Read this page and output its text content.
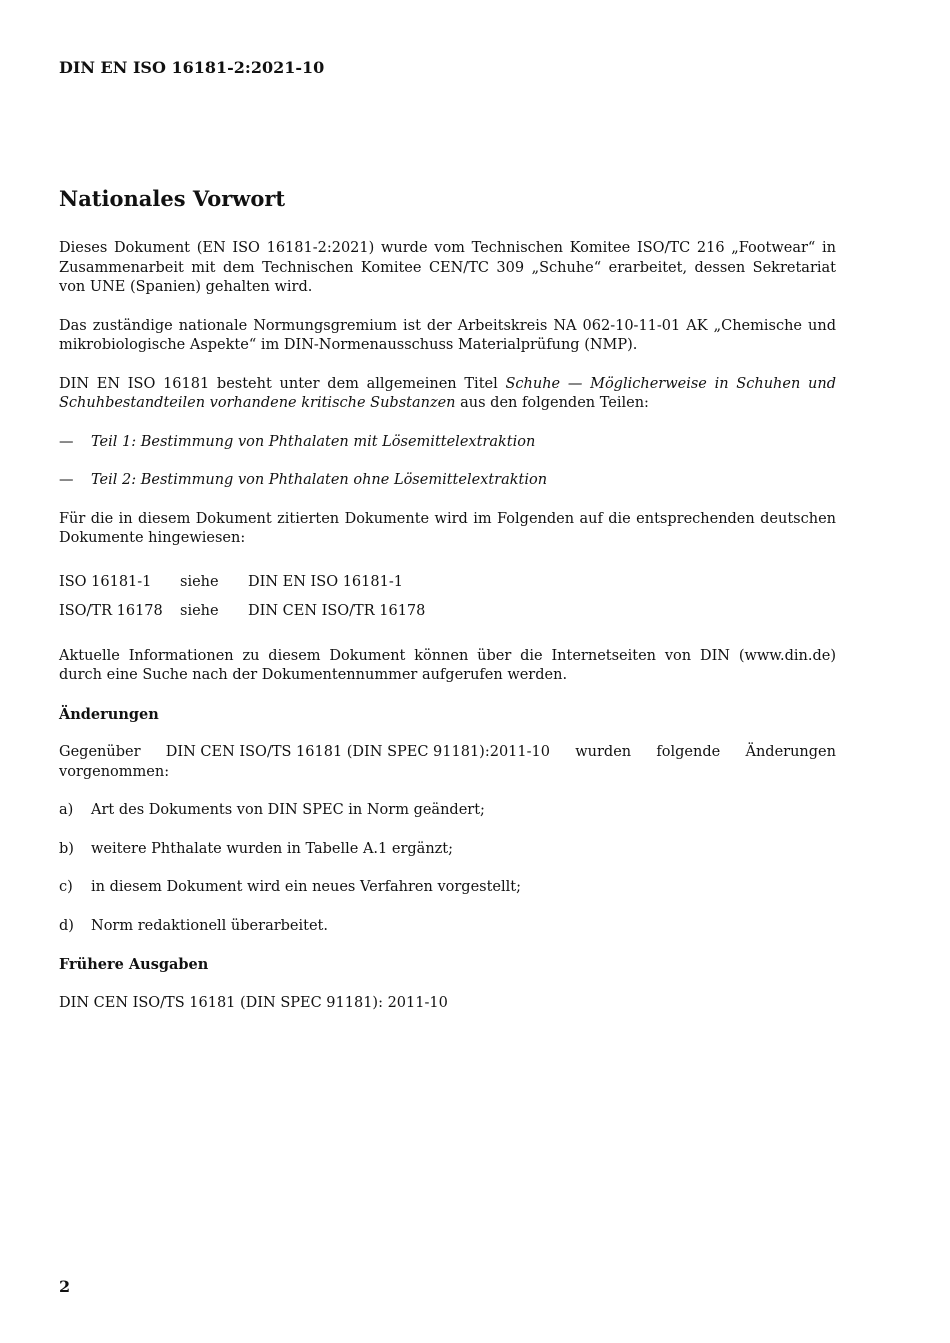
DIN EN ISO 16181-2:2021-10
Nationales Vorwort

Dieses Dokument (EN ISO 16181-2:2021) wurde vom Technischen Komitee ISO/TC 216 „Footwear“ in Zusammenarbeit mit dem Technischen Komitee CEN/TC 309 „Schuhe“ erarbeitet, dessen Sekretariat von UNE (Spanien) gehalten wird.

Das zuständige nationale Normungsgremium ist der Arbeitskreis NA 062-10-11-01 AK „Chemische und mikrobiologische Aspekte“ im DIN-Normenausschuss Materialprüfung (NMP).

DIN EN ISO 16181 besteht unter dem allgemeinen Titel Schuhe — Möglicherweise in Schuhen und Schuhbestandteilen vorhandene kritische Substanzen aus den folgenden Teilen:

—	Teil 1: Bestimmung von Phthalaten mit Lösemittelextraktion
—	Teil 2: Bestimmung von Phthalaten ohne Lösemittelextraktion

Für die in diesem Dokument zitierten Dokumente wird im Folgenden auf die entsprechenden deutschen Dokumente hingewiesen:

ISO 16181-1	siehe	DIN EN ISO 16181-1
ISO/TR 16178	siehe	DIN CEN ISO/TR 16178

Aktuelle Informationen zu diesem Dokument können über die Internetseiten von DIN (www.din.de) durch eine Suche nach der Dokumentennummer aufgerufen werden.

Änderungen
Gegenüber DIN CEN ISO/TS 16181 (DIN SPEC 91181):2011-10 wurden folgende Änderungen
vorgenommen:
a)	Art des Dokuments von DIN SPEC in Norm geändert;
b)	weitere Phthalate wurden in Tabelle A.1 ergänzt;
c)	in diesem Dokument wird ein neues Verfahren vorgestellt;
d)	Norm redaktionell überarbeitet.
Frühere Ausgaben

DIN CEN ISO/TS 16181 (DIN SPEC 91181): 2011-10

2
